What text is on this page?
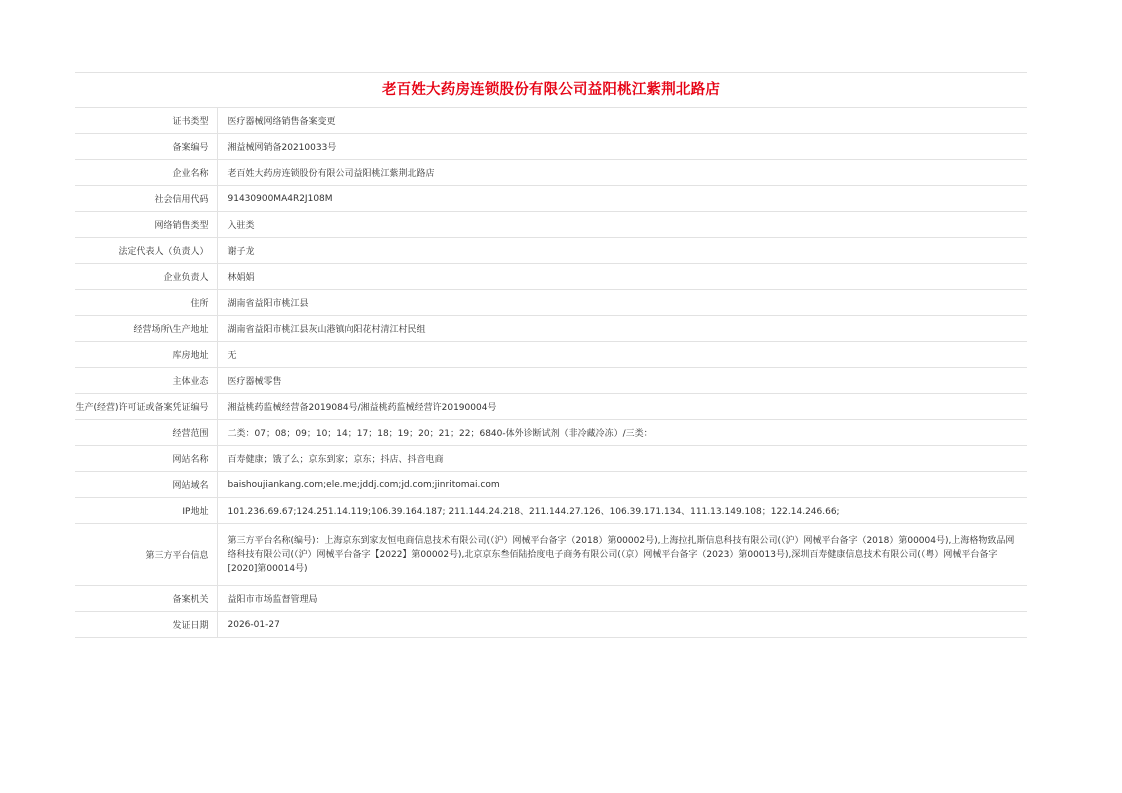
老百姓大药房连锁股份有限公司益阳桃江紫荆北路店
证书类型	医疗器械网络销售备案变更
备案编号	湘益械网销备20210033号
企业名称	老百姓大药房连锁股份有限公司益阳桃江紫荆北路店
社会信用代码	91430900MA4R2J108M
网络销售类型	入驻类
法定代表人（负责人）	谢子龙
企业负责人	林娟娟
住所	湖南省益阳市桃江县
经营场所\生产地址	湖南省益阳市桃江县灰山港镇向阳花村清江村民组
库房地址	无
主体业态	医疗器械零售
生产(经营)许可证或备案凭证编号	湘益桃药监械经营备2019084号/湘益桃药监械经营许20190004号
经营范围	二类：07；08；09；10；14；17；18；19；20；21；22；6840-体外诊断试剂（非冷藏冷冻）/三类：
网站名称	百寿健康；饿了么；京东到家；京东；抖店、抖音电商
网站域名	baishoujiankang.com;ele.me;jddj.com;jd.com;jinritomai.com
IP地址	101.236.69.67;124.251.14.119;106.39.164.187; 211.144.24.218、211.144.27.126、106.39.171.134、111.13.149.108；122.14.246.66;
第三方平台信息	第三方平台名称(编号)：上海京东到家友恒电商信息技术有限公司(（沪）网械平台备字（2018）第00002号),上海拉扎斯信息科技有限公司(（沪）网械平台备字（2018）第00004号),上海格物致品网络科技有限公司(（沪）网械平台备字【2022】第00002号),北京京东叁佰陆拾度电子商务有限公司(（京）网械平台备字（2023）第00013号),深圳百寿健康信息技术有限公司(（粤）网械平台备字[2020]第00014号)
备案机关	益阳市市场监督管理局
发证日期	2026-01-27
